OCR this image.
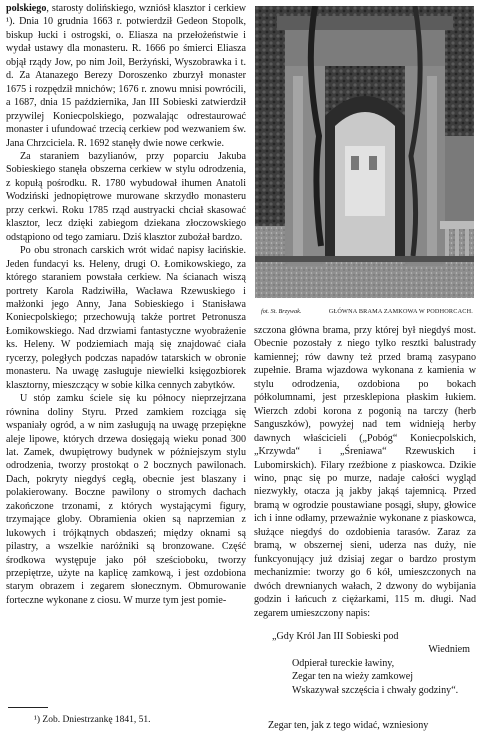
polskiego, starosty dolińskiego, wzniósł klasztor i cerkiew ¹). Dnia 10 grudnia 1663 r. potwierdził Gedeon Stopolk, biskup łucki i ostrogski, o. Eliasza na przełożeństwie i wydał ustawy dla monasteru. R. 1666 po śmierci Eliasza objął rządy Jow, po nim Joil, Berżyński, Wyszobrawka i t. d. Za Atanazego Berezy Doroszenko zburzył monaster 1675 i rozpędził mnichów; 1676 r. znowu mnisi powrócili, a 1687, dnia 15 października, Jan III Sobieski zatwierdził przywilej Koniecpolskiego, pozwalając odrestaurować monaster i ufundować trzecią cerkiew pod wezwaniem św. Jana Chrzciciela. R. 1692 stanęły dwie nowe cerkwie.

Za staraniem bazylianów, przy poparciu Jakuba Sobieskiego stanęła obszerna cerkiew w stylu odrodzenia, z kopułą pośrodku. R. 1780 wybudował ihumen Anatoli Wodziński jednopiętrowe murowane skrzydło monasteru przy cerkwi. Roku 1785 rząd austryacki chciał skasować klasztor, lecz dzięki zabiegom dziekana złoczowskiego odstąpiono od tego zamiaru. Dziś klasztor zubożał bardzo.

Po obu stronach carskich wrót widać napisy łacińskie. Jeden fundacyi ks. Heleny, drugi O. Łomikowskiego, za którego staraniem powstała cerkiew. Na ścianach wiszą portrety Karola Radziwiłła, Wacława Rzewuskiego i małżonki jego Anny, Jana Sobieskiego i Stanisława Koniecpolskiego; przechowują także portret Petronusza Łomikowskiego. Nad drzwiami fantastyczne wyobrażenie ks. Heleny. W podziemiach mają się znajdować ciała rycerzy, poległych podczas napadów tatarskich w obronie monasteru. Na uwagę zasługuje niewielki księgozbiorek klasztorny, mieszczący w sobie kilka cennych zabytków.

U stóp zamku ściele się ku północy nieprzejrzana równina doliny Styru. Przed zamkiem rozciąga się wspaniały ogród, a w nim zasługują na uwagę przepiękne aleje lipowe, których drzewa dosięgają wieku ponad 300 lat. Zamek, dwupiętrowy budynek w późniejszym stylu odrodzenia, tworzy prostokąt o 2 bocznych pawilonach. Dach, pokryty niegdyś cegłą, obecnie jest blaszany i polakierowany. Boczne pawilony o stromych dachach zakończone trzonami, z których wystającymi figury, trzymające globy. Obramienia okien są naprzemian z lukowych i trójkątnych obdaszeń; między oknami są pilastry, a wszelkie naróżniki są bronzowane. Część środkowa występuje jako pół sześcioboku, tworzy przepiętrze, użyte na kaplicę zamkową, i jest ozdobiona starym obrazem i zegarem słonecznym. Obmurowanie forteczne wykonane z ciosu. W murze tym jest pomie-

¹) Zob. Dniestrzankę 1841, 51.
fot. St. Brzywak.	GŁÓWNA BRAMA ZAMKOWA W PODHORCACH.

szczona główna brama, przy której był niegdyś most. Obecnie pozostały z niego tylko resztki balustrady kamiennej; rów dawny też przed bramą zasypano zupełnie. Brama wjazdowa wykonana z kamienia w stylu odrodzenia, ozdobiona po bokach półkolumnami, jest przesklepiona płaskim łukiem. Wierzch zdobi korona z pogonią na tarczy (herb Sanguszków), powyżej nad tem widnieją herby dawnych właścicieli („Pobóg“ Koniecpolskich, „Krzywda“ i „Śreniawa“ Rzewuskich i Lubomirskich). Filary rzeźbione z piaskowca. Dzikie wino, pnąc się po murze, nadaje całości wygląd niezwykły, otacza ją jakby jakąś tajemnicą. Przed bramą w ogrodzie poustawiane posągi, słupy, głowice ich i inne odłamy, przeważnie wykonane z piaskowca, służące niegdyś do ozdobienia tarasów. Zaraz za bramą, w obszernej sieni, uderza nas duży, nie funkcyonujący już dzisiaj zegar o bardzo prostym mechanizmie: tworzy go 6 kół, umieszczonych na dwóch drewnianych wałach, 2 dzwony do wybijania godzin i łańcuch z ciężarkami, 115 m. długi. Nad zegarem umieszczony napis:

„Gdy Król Jan III Sobieski pod
Wiedniem
Odpierał tureckie ławiny,
Zegar ten na wieży zamkowej
Wskazywał szczęścia i chwały godziny“.
Zegar ten, jak z tego widać, wzniesiony
